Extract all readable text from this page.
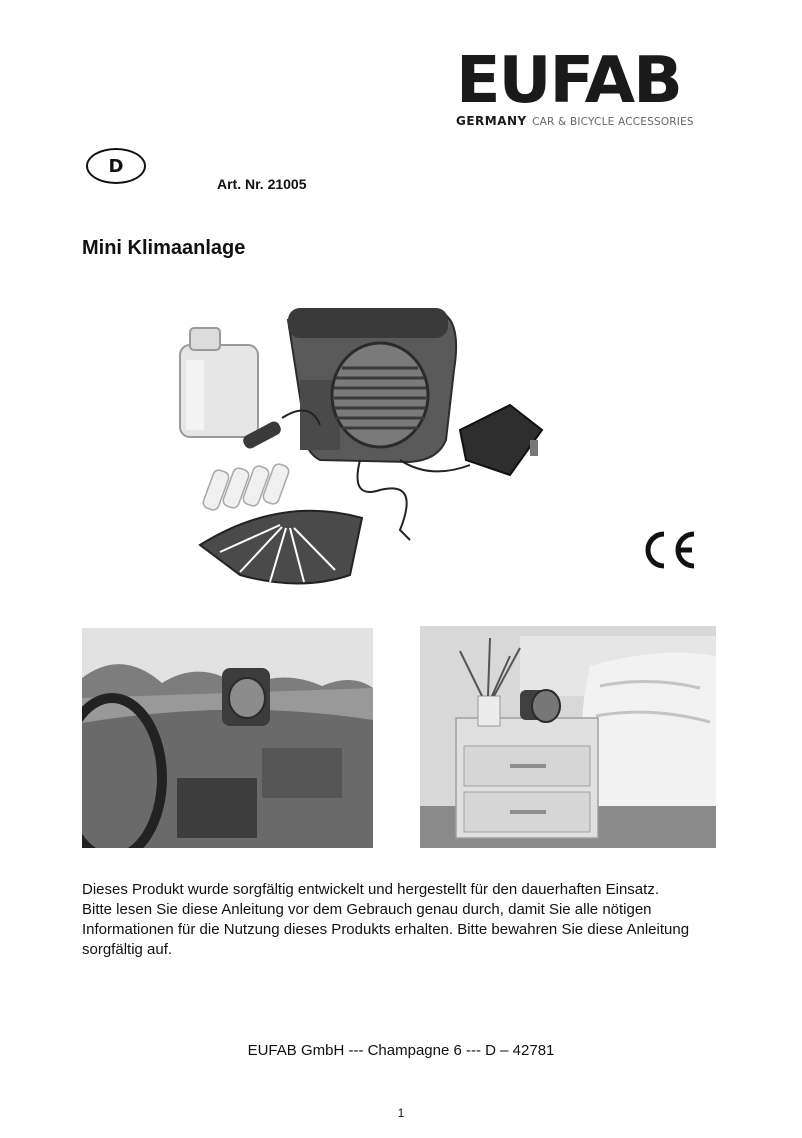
EUFAB
GERMANY CAR & BICYCLE ACCESSORIES
D
Art. Nr. 21005
Mini Klimaanlage

Dieses Produkt wurde sorgfältig entwickelt und hergestellt für den dauerhaften Einsatz.

Bitte lesen Sie diese Anleitung vor dem Gebrauch genau durch, damit Sie alle nötigen

Informationen für die Nutzung dieses Produkts erhalten. Bitte bewahren Sie diese Anleitung

sorgfältig auf.

EUFAB GmbH --- Champagne 6 --- D – 42781
1
